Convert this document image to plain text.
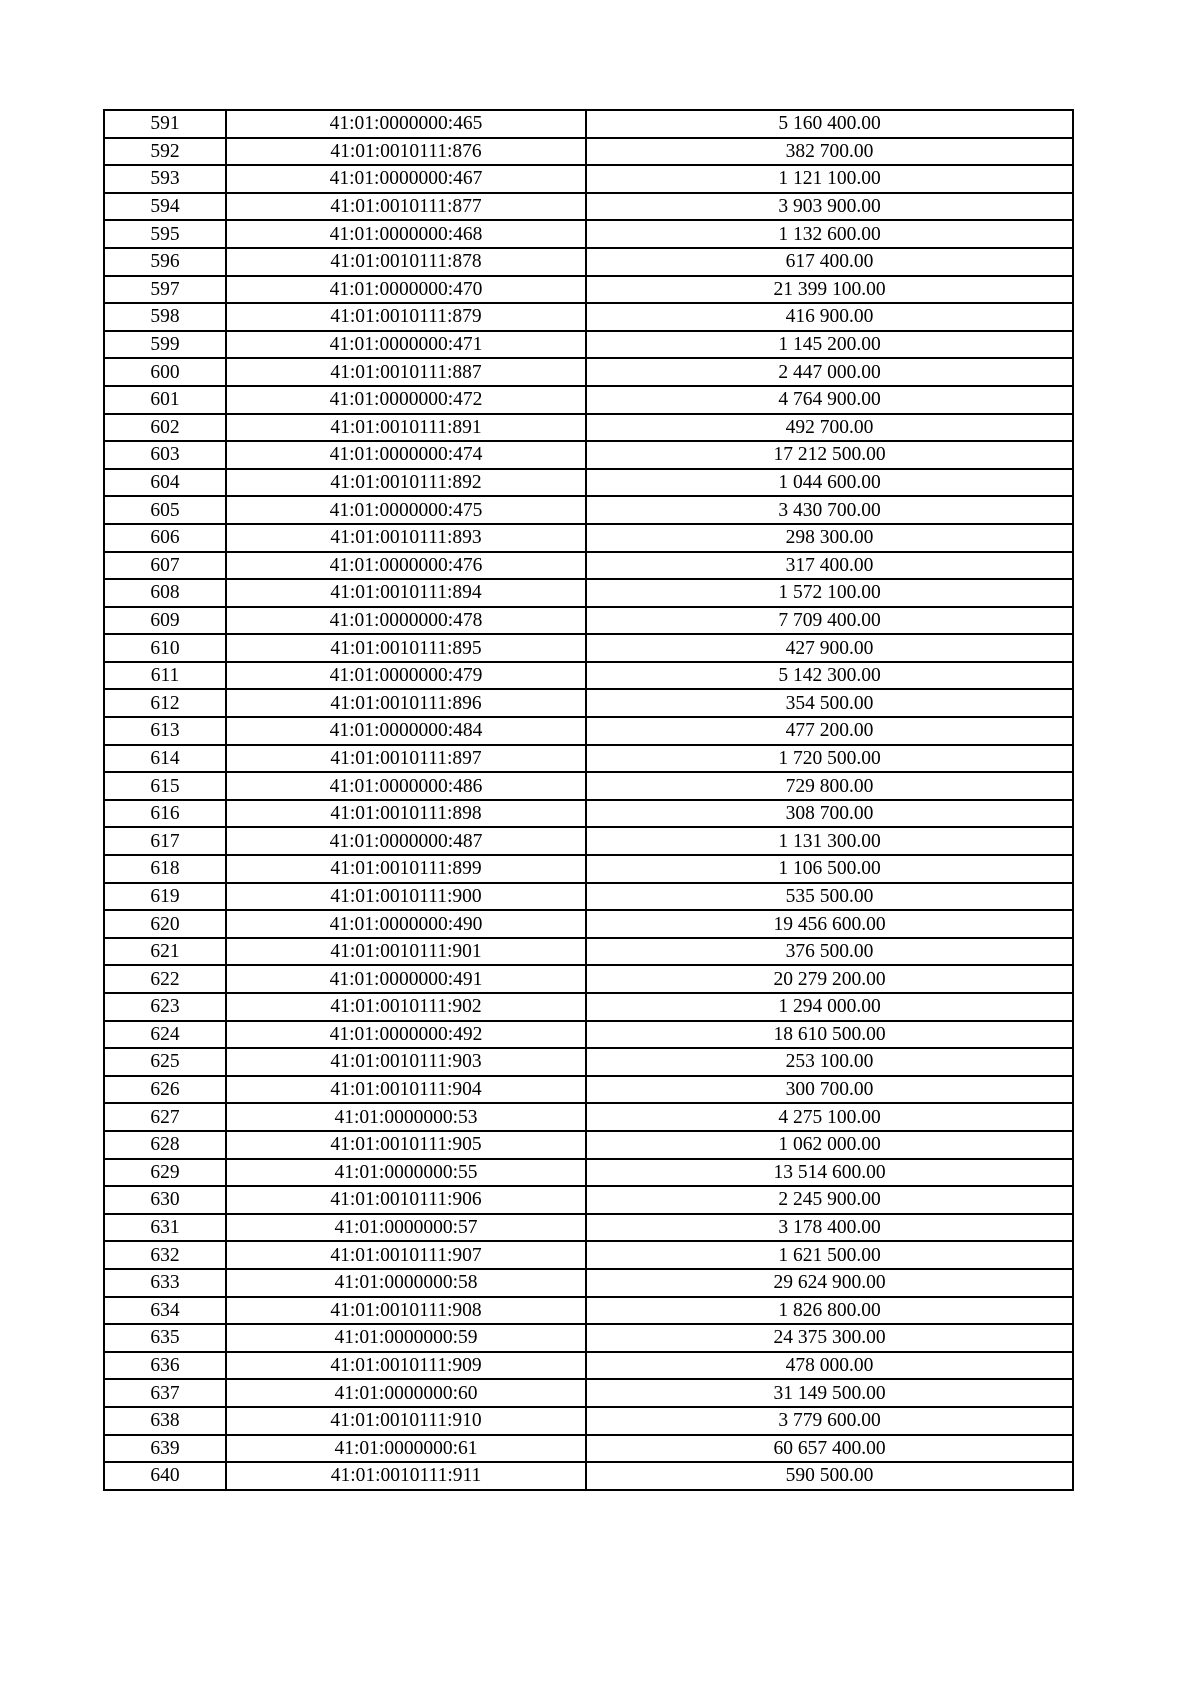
591	41:01:0000000:465	5 160 400.00
592	41:01:0010111:876	382 700.00
593	41:01:0000000:467	1 121 100.00
594	41:01:0010111:877	3 903 900.00
595	41:01:0000000:468	1 132 600.00
596	41:01:0010111:878	617 400.00
597	41:01:0000000:470	21 399 100.00
598	41:01:0010111:879	416 900.00
599	41:01:0000000:471	1 145 200.00
600	41:01:0010111:887	2 447 000.00
601	41:01:0000000:472	4 764 900.00
602	41:01:0010111:891	492 700.00
603	41:01:0000000:474	17 212 500.00
604	41:01:0010111:892	1 044 600.00
605	41:01:0000000:475	3 430 700.00
606	41:01:0010111:893	298 300.00
607	41:01:0000000:476	317 400.00
608	41:01:0010111:894	1 572 100.00
609	41:01:0000000:478	7 709 400.00
610	41:01:0010111:895	427 900.00
611	41:01:0000000:479	5 142 300.00
612	41:01:0010111:896	354 500.00
613	41:01:0000000:484	477 200.00
614	41:01:0010111:897	1 720 500.00
615	41:01:0000000:486	729 800.00
616	41:01:0010111:898	308 700.00
617	41:01:0000000:487	1 131 300.00
618	41:01:0010111:899	1 106 500.00
619	41:01:0010111:900	535 500.00
620	41:01:0000000:490	19 456 600.00
621	41:01:0010111:901	376 500.00
622	41:01:0000000:491	20 279 200.00
623	41:01:0010111:902	1 294 000.00
624	41:01:0000000:492	18 610 500.00
625	41:01:0010111:903	253 100.00
626	41:01:0010111:904	300 700.00
627	41:01:0000000:53	4 275 100.00
628	41:01:0010111:905	1 062 000.00
629	41:01:0000000:55	13 514 600.00
630	41:01:0010111:906	2 245 900.00
631	41:01:0000000:57	3 178 400.00
632	41:01:0010111:907	1 621 500.00
633	41:01:0000000:58	29 624 900.00
634	41:01:0010111:908	1 826 800.00
635	41:01:0000000:59	24 375 300.00
636	41:01:0010111:909	478 000.00
637	41:01:0000000:60	31 149 500.00
638	41:01:0010111:910	3 779 600.00
639	41:01:0000000:61	60 657 400.00
640	41:01:0010111:911	590 500.00
